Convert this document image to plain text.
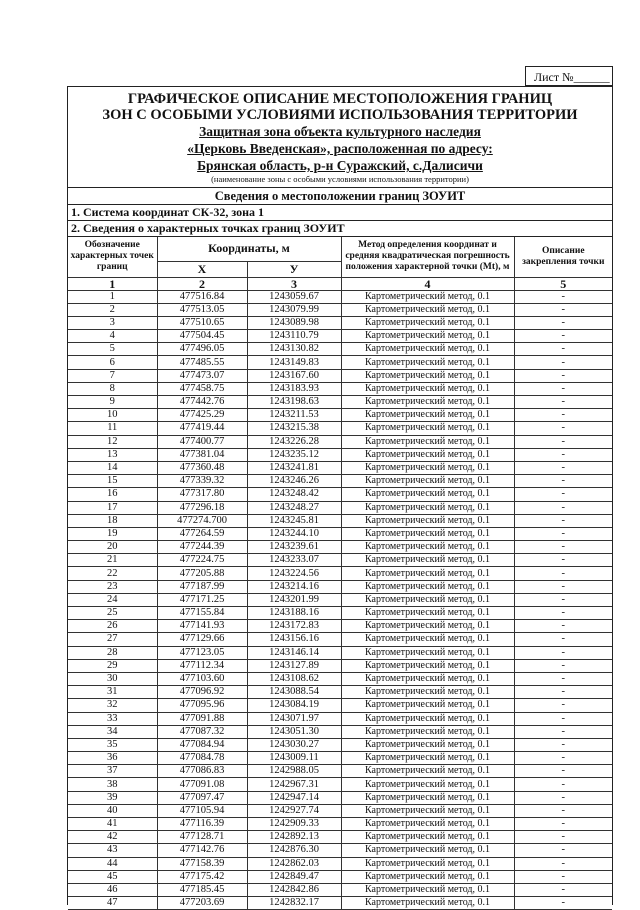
Лист №______
ГРАФИЧЕСКОЕ ОПИСАНИЕ МЕСТОПОЛОЖЕНИЯ ГРАНИЦ
ЗОН С ОСОБЫМИ УСЛОВИЯМИ ИСПОЛЬЗОВАНИЯ ТЕРРИТОРИИ
Защитная зона объекта культурного наследия
«Церковь Введенская», расположенная по адресу:
Брянская область, р-н Суражский, с.Далисичи
(наименование зоны с особыми условиями использования территории)
Сведения о местоположении границ ЗОУИТ
1. Система координат СК-32, зона 1
2. Сведения о характерных точках границ ЗОУИТ
Обозначение характерных точек границ	Координаты, м		Метод определения координат и средняя квадратическая погрешность положения характерной точки (Мt), м	Описание закрепления точки
	X	У		
1	2	3	4	5
1	477516.84	1243059.67	Картометрический метод, 0.1	-
2	477513.05	1243079.99	Картометрический метод, 0.1	-
3	477510.65	1243089.98	Картометрический метод, 0.1	-
4	477504.45	1243110.79	Картометрический метод, 0.1	-
5	477496.05	1243130.82	Картометрический метод, 0.1	-
6	477485.55	1243149.83	Картометрический метод, 0.1	-
7	477473.07	1243167.60	Картометрический метод, 0.1	-
8	477458.75	1243183.93	Картометрический метод, 0.1	-
9	477442.76	1243198.63	Картометрический метод, 0.1	-
10	477425.29	1243211.53	Картометрический метод, 0.1	-
11	477419.44	1243215.38	Картометрический метод, 0.1	-
12	477400.77	1243226.28	Картометрический метод, 0.1	-
13	477381.04	1243235.12	Картометрический метод, 0.1	-
14	477360.48	1243241.81	Картометрический метод, 0.1	-
15	477339.32	1243246.26	Картометрический метод, 0.1	-
16	477317.80	1243248.42	Картометрический метод, 0.1	-
17	477296.18	1243248.27	Картометрический метод, 0.1	-
18	477274.700	1243245.81	Картометрический метод, 0.1	-
19	477264.59	1243244.10	Картометрический метод, 0.1	-
20	477244.39	1243239.61	Картометрический метод, 0.1	-
21	477224.75	1243233.07	Картометрический метод, 0.1	-
22	477205.88	1243224.56	Картометрический метод, 0.1	-
23	477187.99	1243214.16	Картометрический метод, 0.1	-
24	477171.25	1243201.99	Картометрический метод, 0.1	-
25	477155.84	1243188.16	Картометрический метод, 0.1	-
26	477141.93	1243172.83	Картометрический метод, 0.1	-
27	477129.66	1243156.16	Картометрический метод, 0.1	-
28	477123.05	1243146.14	Картометрический метод, 0.1	-
29	477112.34	1243127.89	Картометрический метод, 0.1	-
30	477103.60	1243108.62	Картометрический метод, 0.1	-
31	477096.92	1243088.54	Картометрический метод, 0.1	-
32	477095.96	1243084.19	Картометрический метод, 0.1	-
33	477091.88	1243071.97	Картометрический метод, 0.1	-
34	477087.32	1243051.30	Картометрический метод, 0.1	-
35	477084.94	1243030.27	Картометрический метод, 0.1	-
36	477084.78	1243009.11	Картометрический метод, 0.1	-
37	477086.83	1242988.05	Картометрический метод, 0.1	-
38	477091.08	1242967.31	Картометрический метод, 0.1	-
39	477097.47	1242947.14	Картометрический метод, 0.1	-
40	477105.94	1242927.74	Картометрический метод, 0.1	-
41	477116.39	1242909.33	Картометрический метод, 0.1	-
42	477128.71	1242892.13	Картометрический метод, 0.1	-
43	477142.76	1242876.30	Картометрический метод, 0.1	-
44	477158.39	1242862.03	Картометрический метод, 0.1	-
45	477175.42	1242849.47	Картометрический метод, 0.1	-
46	477185.45	1242842.86	Картометрический метод, 0.1	-
47	477203.69	1242832.17	Картометрический метод, 0.1	-
